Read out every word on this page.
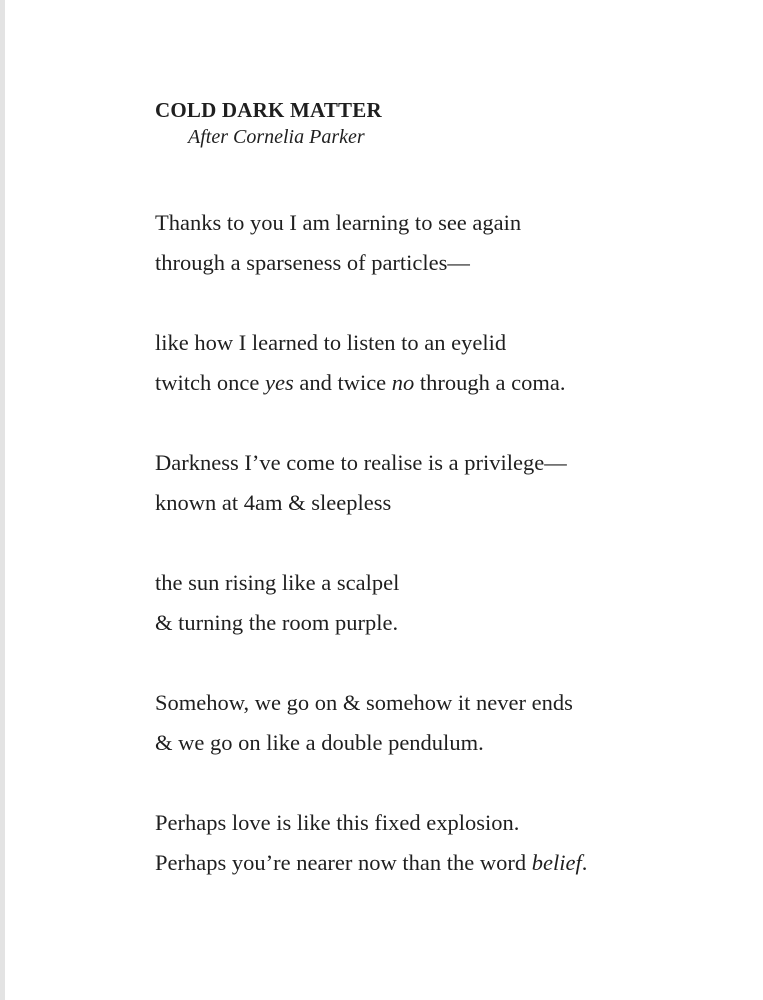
COLD DARK MATTER

After Cornelia Parker

Thanks to you I am learning to see again
through a sparseness of particles—
like how I learned to listen to an eyelid
twitch once yes and twice no through a coma.
Darkness I’ve come to realise is a privilege—
known at 4am & sleepless
the sun rising like a scalpel
& turning the room purple.
Somehow, we go on & somehow it never ends
& we go on like a double pendulum.
Perhaps love is like this fixed explosion.
Perhaps you’re nearer now than the word belief.
